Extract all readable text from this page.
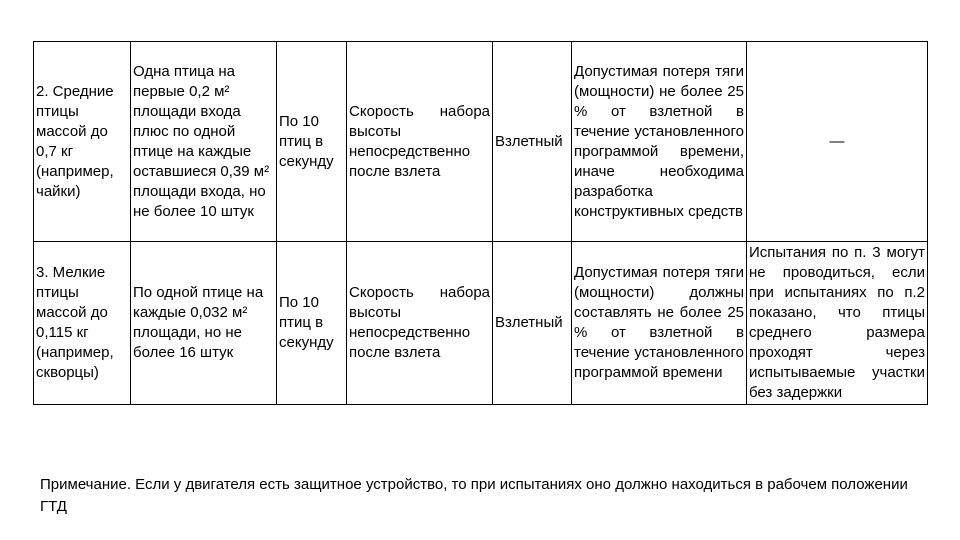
2. Средние птицы массой до 0,7 кг (например, чайки)	Одна птица на первые 0,2 м² площади входа плюс по одной птице на каждые оставшиеся 0,39 м² площади входа, но не более 10 штук	По 10 птиц в секунду	Скорость набора высоты непосредственно после взлета	Взлетный	Допустимая потеря тяги (мощности) не более 25 % от взлетной в течение установленного программой времени, иначе необходима разработка конструктивных средств	—

3. Мелкие птицы массой до 0,115 кг (например, скворцы)	По одной птице на каждые 0,032 м² площади, но не более 16 штук	По 10 птиц в секунду	Скорость набора высоты непосредственно после взлета	Взлетный	Допустимая потеря тяги (мощности) должны составлять не более 25 % от взлетной в течение установленного программой времени	Испытания по п. 3 могут не проводиться, если при испытаниях по п.2 показано, что птицы среднего размера проходят через испытываемые участки без задержки
Примечание. Если у двигателя есть защитное устройство, то при испытаниях оно должно находиться в рабочем положении ГТД
